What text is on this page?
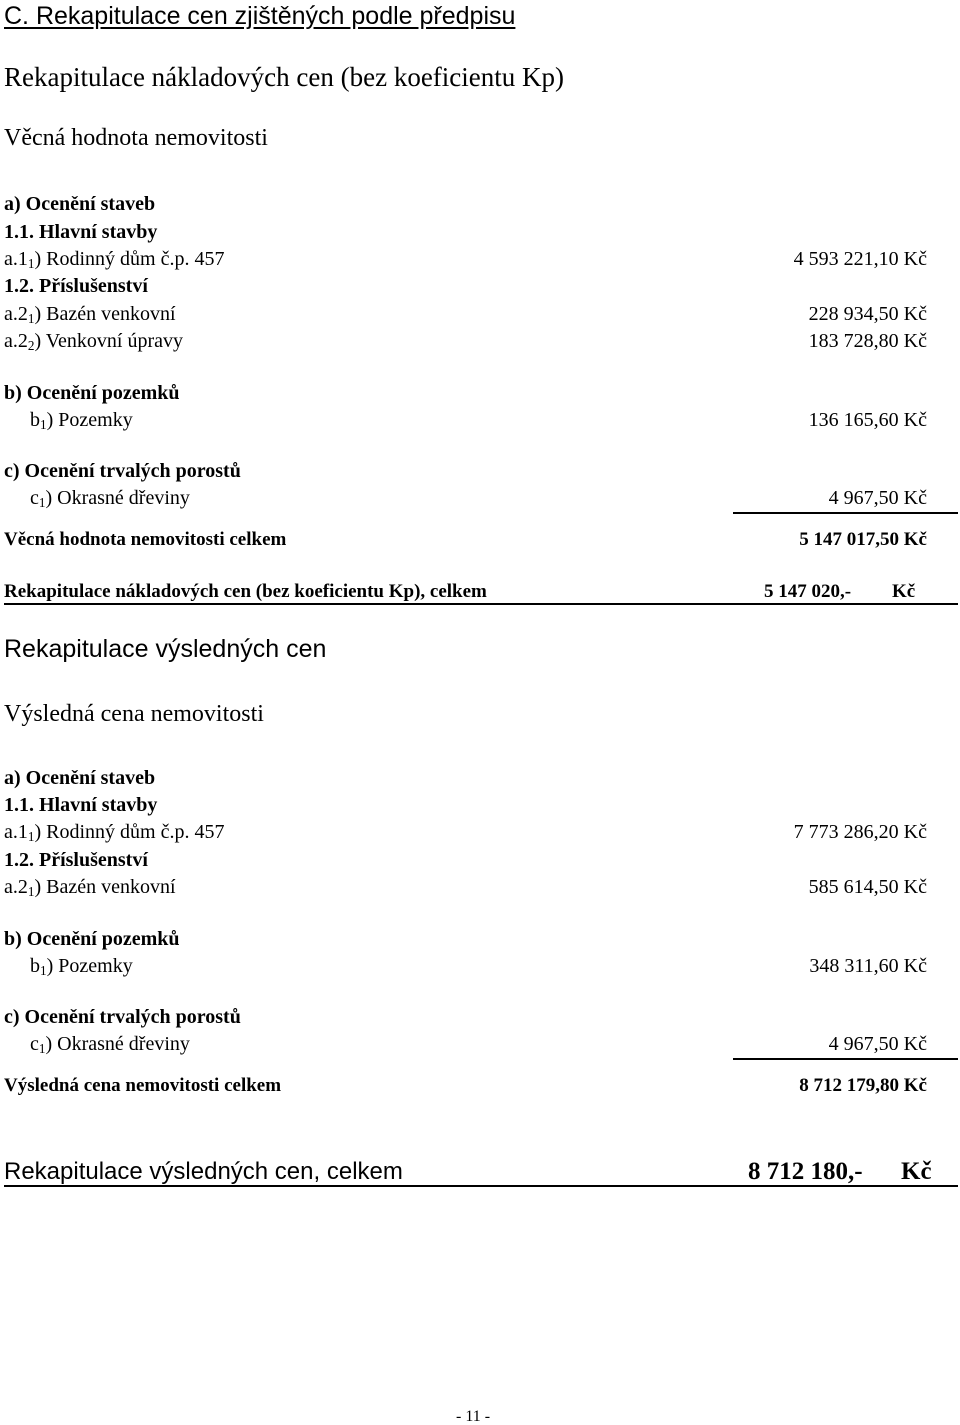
C. Rekapitulace cen zjištěných podle předpisu
Rekapitulace nákladových cen (bez koeficientu Kp)
Věcná hodnota nemovitosti
a) Ocenění staveb
1.1. Hlavní stavby
a.11) Rodinný dům č.p. 457	4 593 221,10 Kč
1.2. Příslušenství
a.21) Bazén venkovní	228 934,50 Kč
a.22) Venkovní úpravy	183 728,80 Kč
b) Ocenění pozemků
b1) Pozemky	136 165,60 Kč
c) Ocenění trvalých porostů
c1) Okrasné dřeviny	4 967,50 Kč
Věcná hodnota nemovitosti celkem	5 147 017,50 Kč
Rekapitulace nákladových cen (bez koeficientu Kp), celkem	5 147 020,- Kč
Rekapitulace výsledných cen
Výsledná cena nemovitosti
a) Ocenění staveb
1.1. Hlavní stavby
a.11) Rodinný dům č.p. 457	7 773 286,20 Kč
1.2. Příslušenství
a.21) Bazén venkovní	585 614,50 Kč
b) Ocenění pozemků
b1) Pozemky	348 311,60 Kč
c) Ocenění trvalých porostů
c1) Okrasné dřeviny	4 967,50 Kč
Výsledná cena nemovitosti celkem	8 712 179,80 Kč
Rekapitulace výsledných cen, celkem	8 712 180,- Kč
- 11 -
